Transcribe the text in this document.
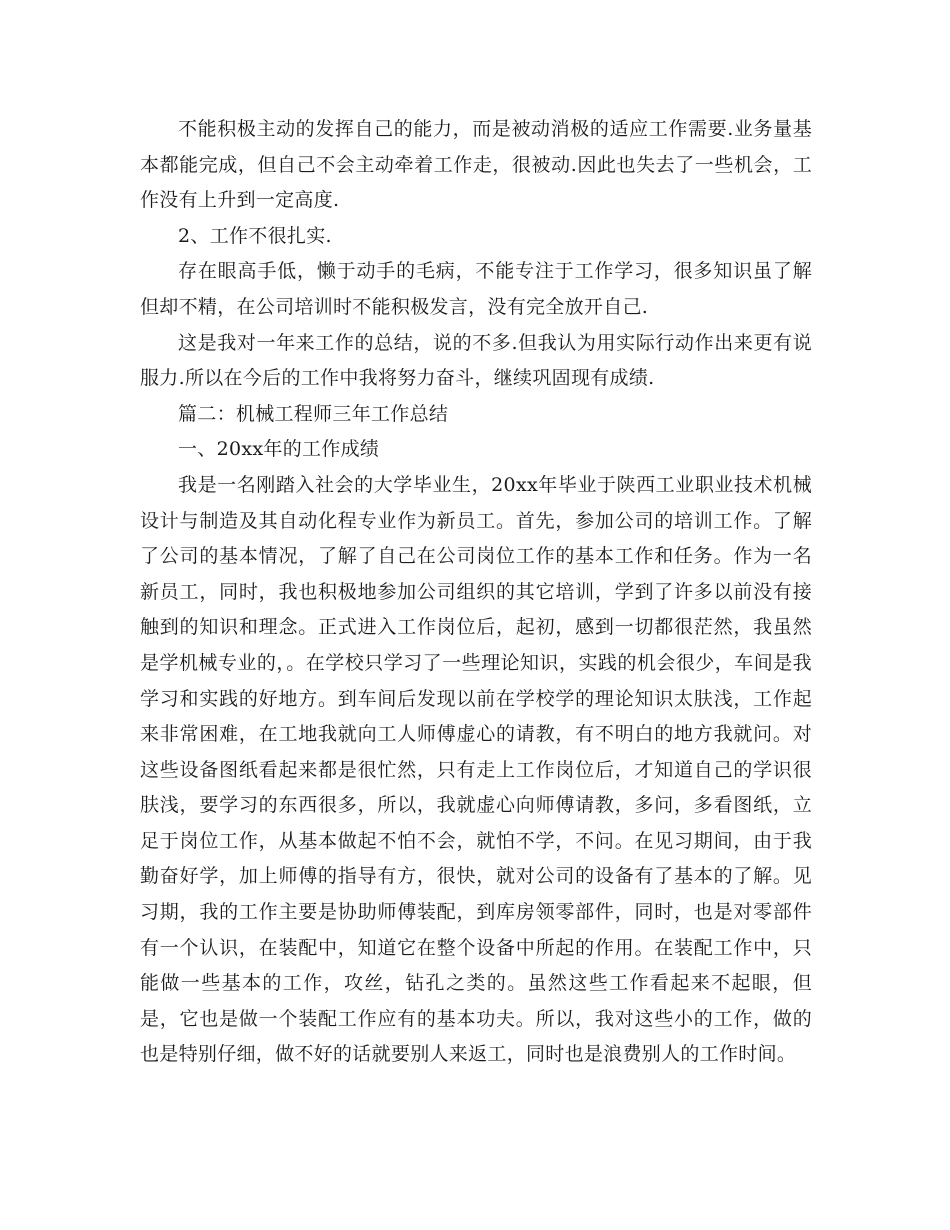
不能积极主动的发挥自己的能力，而是被动消极的适应工作需要.业务量基本都能完成，但自己不会主动牵着工作走，很被动.因此也失去了一些机会，工作没有上升到一定高度.

2、工作不很扎实.

存在眼高手低，懒于动手的毛病，不能专注于工作学习，很多知识虽了解但却不精，在公司培训时不能积极发言，没有完全放开自己.

这是我对一年来工作的总结，说的不多.但我认为用实际行动作出来更有说服力.所以在今后的工作中我将努力奋斗，继续巩固现有成绩.

篇二：机械工程师三年工作总结

一、20xx年的工作成绩

我是一名刚踏入社会的大学毕业生，20xx年毕业于陕西工业职业技术机械设计与制造及其自动化程专业作为新员工。首先，参加公司的培训工作。了解了公司的基本情况，了解了自己在公司岗位工作的基本工作和任务。作为一名新员工，同时，我也积极地参加公司组织的其它培训，学到了许多以前没有接触到的知识和理念。正式进入工作岗位后，起初，感到一切都很茫然，我虽然是学机械专业的，。在学校只学习了一些理论知识，实践的机会很少，车间是我学习和实践的好地方。到车间后发现以前在学校学的理论知识太肤浅，工作起来非常困难，在工地我就向工人师傅虚心的请教，有不明白的地方我就问。对这些设备图纸看起来都是很忙然，只有走上工作岗位后，才知道自己的学识很肤浅，要学习的东西很多，所以，我就虚心向师傅请教，多问，多看图纸，立足于岗位工作，从基本做起不怕不会，就怕不学，不问。在见习期间，由于我勤奋好学，加上师傅的指导有方，很快，就对公司的设备有了基本的了解。见习期，我的工作主要是协助师傅装配，到库房领零部件，同时，也是对零部件有一个认识，在装配中，知道它在整个设备中所起的作用。在装配工作中，只能做一些基本的工作，攻丝，钻孔之类的。虽然这些工作看起来不起眼，但是，它也是做一个装配工作应有的基本功夫。所以，我对这些小的工作，做的也是特别仔细，做不好的话就要别人来返工，同时也是浪费别人的工作时间。
